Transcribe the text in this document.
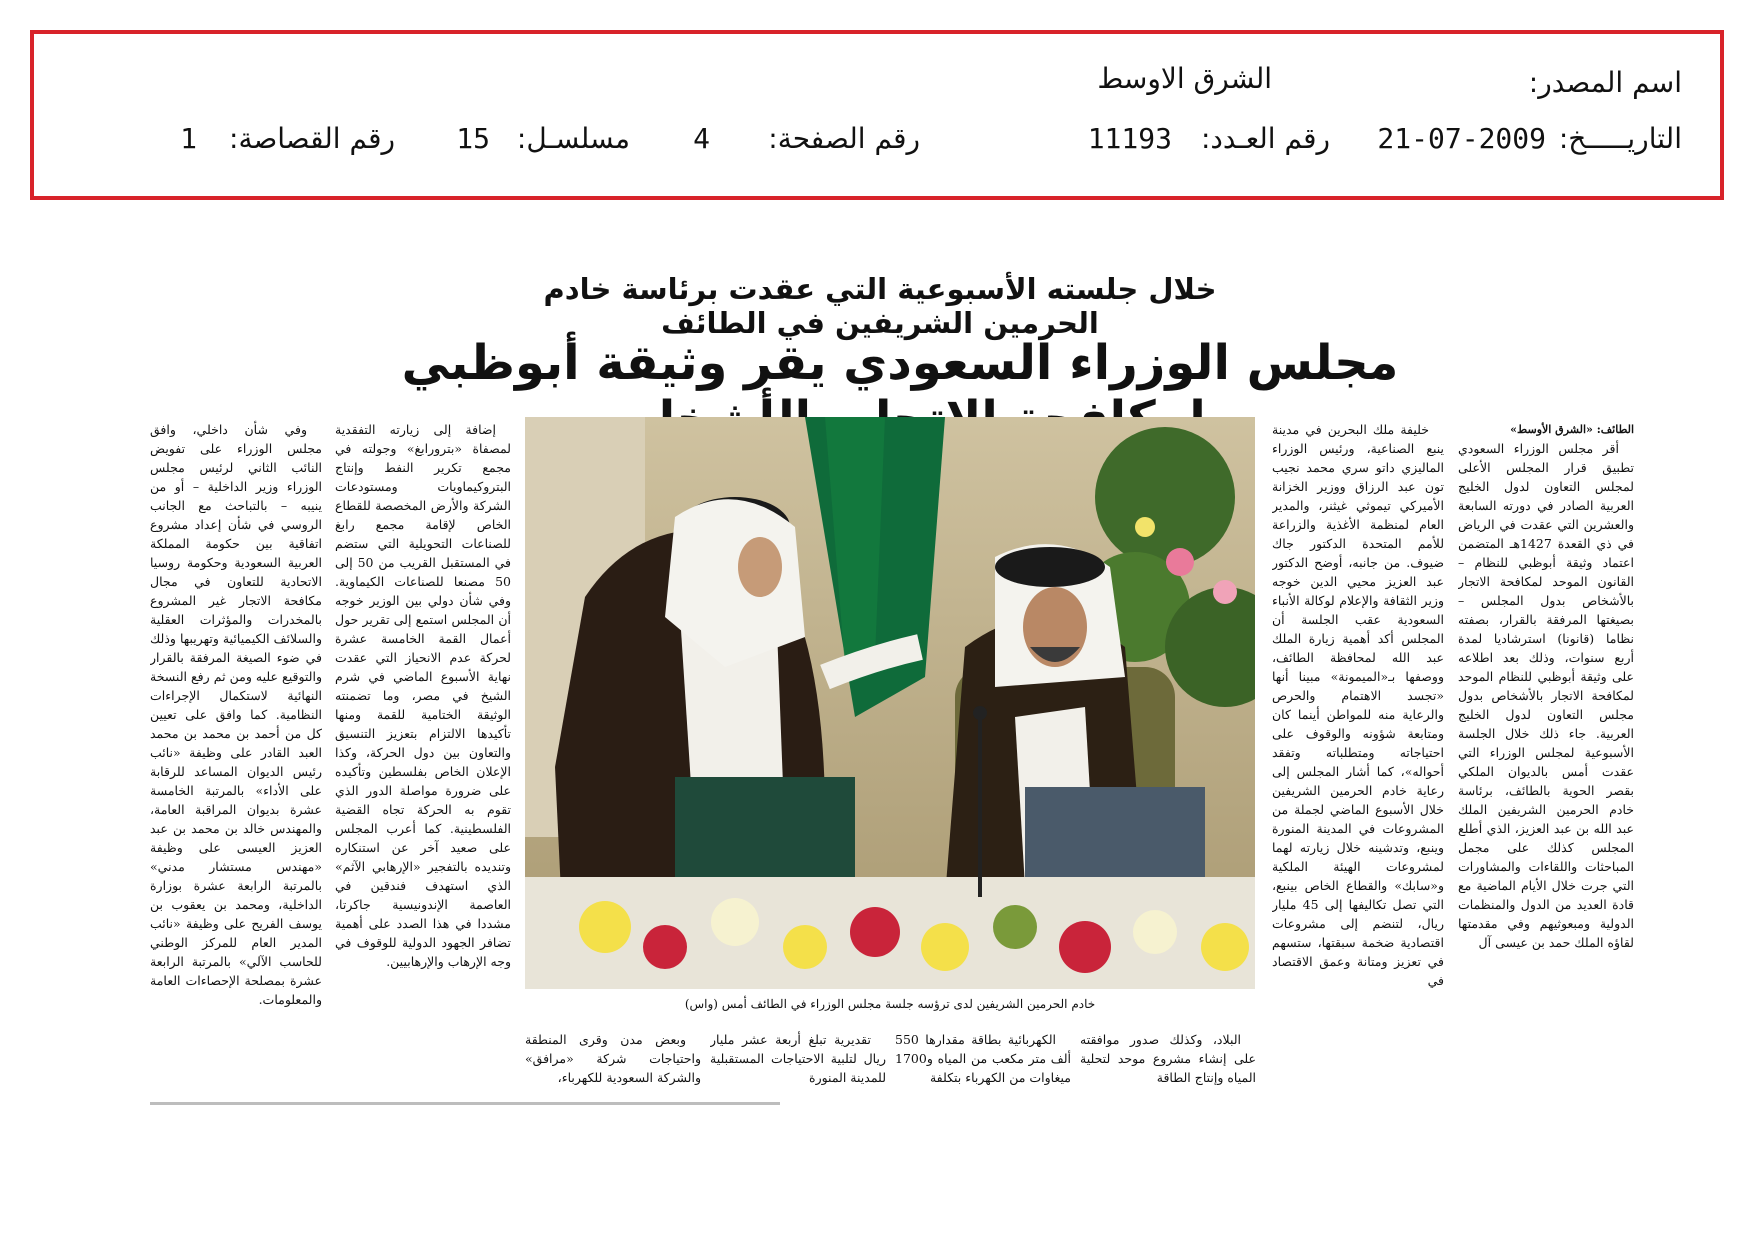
اسم المصدر:
الشرق الاوسط
التاريـــــخ:
21-07-2009
رقم العـدد:
11193
رقم الصفحة:
4
مسلسـل:
15
رقم القصاصة:
1
خلال جلسته الأسبوعية التي عقدت برئاسة خادم الحرمين الشريفين في الطائف
مجلس الوزراء السعودي يقر وثيقة أبوظبي
الطائف: «الشرق الأوسط»

أقر مجلس الوزراء السعودي تطبيق قرار المجلس الأعلى لمجلس التعاون لدول الخليج العربية الصادر في دورته السابعة والعشرين التي عقدت في الرياض في ذي القعدة 1427هـ المتضمن اعتماد وثيقة أبوظبي للنظام – القانون الموحد لمكافحة الاتجار بالأشخاص بدول المجلس – بصيغتها المرفقة بالقرار، بصفته نظاما (قانونا) استرشاديا لمدة أربع سنوات، وذلك بعد اطلاعه على وثيقة أبوظبي للنظام الموحد لمكافحة الاتجار بالأشخاص بدول مجلس التعاون لدول الخليج العربية. جاء ذلك خلال الجلسة الأسبوعية لمجلس الوزراء التي عقدت أمس بالديوان الملكي بقصر الحوية بالطائف، برئاسة خادم الحرمين الشريفين الملك عبد الله بن عبد العزيز، الذي أطلع المجلس كذلك على مجمل المباحثات واللقاءات والمشاورات التي جرت خلال الأيام الماضية مع قادة العديد من الدول والمنظمات الدولية ومبعوثيهم وفي مقدمتها لقاؤه الملك حمد بن عيسى آل

خليفة ملك البحرين في مدينة ينبع الصناعية، ورئيس الوزراء الماليزي داتو سري محمد نجيب تون عبد الرزاق ووزير الخزانة الأميركي تيموثي غيثنر، والمدير العام لمنظمة الأغذية والزراعة للأمم المتحدة الدكتور جاك ضيوف. من جانبه، أوضح الدكتور عبد العزيز محيي الدين خوجه وزير الثقافة والإعلام لوكالة الأنباء السعودية عقب الجلسة أن المجلس أكد أهمية زيارة الملك عبد الله لمحافظة الطائف، ووصفها بـ«الميمونة» مبينا أنها «تجسد الاهتمام والحرص والرعاية منه للمواطن أينما كان ومتابعة شؤونه والوقوف على احتياجاته ومتطلباته وتفقد أحواله»، كما أشار المجلس إلى رعاية خادم الحرمين الشريفين خلال الأسبوع الماضي لجملة من المشروعات في المدينة المنورة وينبع، وتدشينه خلال زيارته لهما لمشروعات الهيئة الملكية و«سابك» والقطاع الخاص بينبع، التي تصل تكاليفها إلى 45 مليار ريال، لتنضم إلى مشروعات اقتصادية ضخمة سبقتها، ستسهم في تعزيز ومتانة وعمق الاقتصاد في

خادم الحرمين الشريفين لدى ترؤسه جلسة مجلس الوزراء في الطائف أمس (واس)

إضافة إلى زيارته التفقدية لمصفاة «بترورابغ» وجولته في مجمع تكرير النفط وإنتاج البتروكيماويات ومستودعات الشركة والأرض المخصصة للقطاع الخاص لإقامة مجمع رابغ للصناعات التحويلية التي ستضم في المستقبل القريب من 50 إلى 50 مصنعا للصناعات الكيماوية. وفي شأن دولي بين الوزير خوجه أن المجلس استمع إلى تقرير حول أعمال القمة الخامسة عشرة لحركة عدم الانحياز التي عقدت نهاية الأسبوع الماضي في شرم الشيخ في مصر، وما تضمنته الوثيقة الختامية للقمة ومنها تأكيدها الالتزام بتعزيز التنسيق والتعاون بين دول الحركة، وكذا الإعلان الخاص بفلسطين وتأكيده على ضرورة مواصلة الدور الذي تقوم به الحركة تجاه القضية الفلسطينية. كما أعرب المجلس على صعيد آخر عن استنكاره وتنديده بالتفجير «الإرهابي الآثم» الذي استهدف فندقين في العاصمة الإندونيسية جاكرتا، مشددا في هذا الصدد على أهمية تضافر الجهود الدولية للوقوف في وجه الإرهاب والإرهابيين.

وفي شأن داخلي، وافق مجلس الوزراء على تفويض النائب الثاني لرئيس مجلس الوزراء وزير الداخلية – أو من ينيبه – بالتباحث مع الجانب الروسي في شأن إعداد مشروع اتفاقية بين حكومة المملكة العربية السعودية وحكومة روسيا الاتحادية للتعاون في مجال مكافحة الاتجار غير المشروع بالمخدرات والمؤثرات العقلية والسلائف الكيميائية وتهريبها وذلك في ضوء الصيغة المرفقة بالقرار والتوقيع عليه ومن ثم رفع النسخة النهائية لاستكمال الإجراءات النظامية. كما وافق على تعيين كل من أحمد بن محمد بن محمد العبد القادر على وظيفة «نائب رئيس الديوان المساعد للرقابة على الأداء» بالمرتبة الخامسة عشرة بديوان المراقبة العامة، والمهندس خالد بن محمد بن عبد العزيز العيسى على وظيفة «مهندس مستشار مدني» بالمرتبة الرابعة عشرة بوزارة الداخلية، ومحمد بن يعقوب بن يوسف الفريح على وظيفة «نائب المدير العام للمركز الوطني للحاسب الآلي» بالمرتبة الرابعة عشرة بمصلحة الإحصاءات العامة والمعلومات.

البلاد، وكذلك صدور موافقته على إنشاء مشروع موحد لتحلية المياه وإنتاج الطاقة

الكهربائية بطاقة مقدارها 550 ألف متر مكعب من المياه و1700 ميغاوات من الكهرباء بتكلفة

تقديرية تبلغ أربعة عشر مليار ريال لتلبية الاحتياجات المستقبلية للمدينة المنورة

وبعض مدن وقرى المنطقة واحتياجات شركة «مرافق» والشركة السعودية للكهرباء،
